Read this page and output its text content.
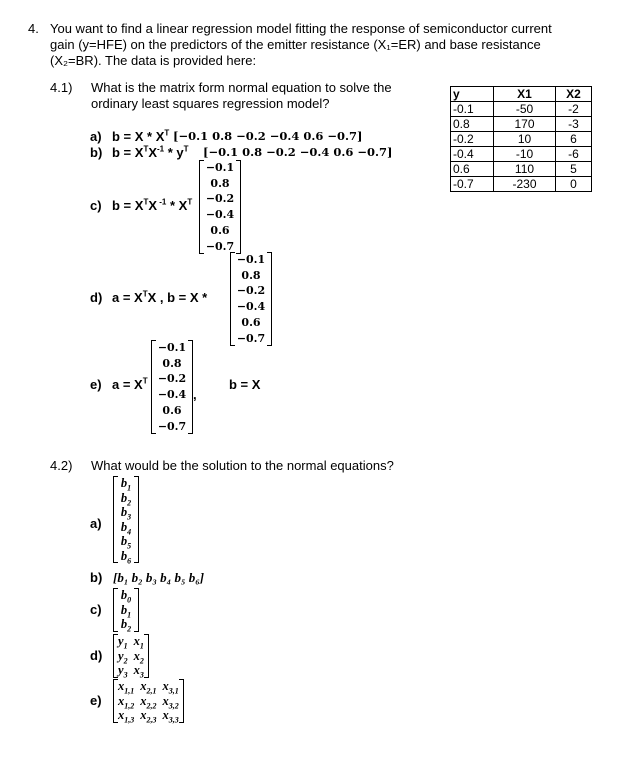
4. You want to find a linear regression model fitting the response of semiconductor current
gain (y=HFE) on the predictors of the emitter resistance (X₁=ER) and base resistance
(X₂=BR). The data is provided here:
y	X1	X2
-0.1	-50	-2
0.8	170	-3
-0.2	10	6
-0.4	-10	-6
0.6	110	5
-0.7	-230	0
4.1) What is the matrix form normal equation to solve the
ordinary least squares regression model?
a) $b = X * X^T$ [−0.1 0.8 −0.2 −0.4 0.6 −0.7]
b) $b = X^TX^{-1} * y^T$ [−0.1 0.8 −0.2 −0.4 0.6 −0.7]
c) $b = X^TX$ $^{-1} * X^T$
−0.1
0.8
−0.2
−0.4
0.6
−0.7
d) $a = X^TX$ , b = X *
−0.1
0.8
−0.2
−0.4
0.6
−0.7
e) $a = X^T$
−0.1
0.8
−0.2
−0.4
0.6
−0.7
,
b = X
4.2) What would be the solution to the normal equations?
a)
$b_1$
$b_2$
$b_3$
$b_4$
$b_5$
$b_6$
b) [b₁ b₂ b₃ b₄ b₅ b₆]
c)
$b_0$
$b_1$
$b_2$
d)
$y_1$ $x_1$
$y_2$ $x_2$
$y_3$ $x_3$
e)
$x_{1,1}$ $x_{2,1}$ $x_{3,1}$
$x_{1,2}$ $x_{2,2}$ $x_{3,2}$
$x_{1,3}$ $x_{2,3}$ $x_{3,3}$
